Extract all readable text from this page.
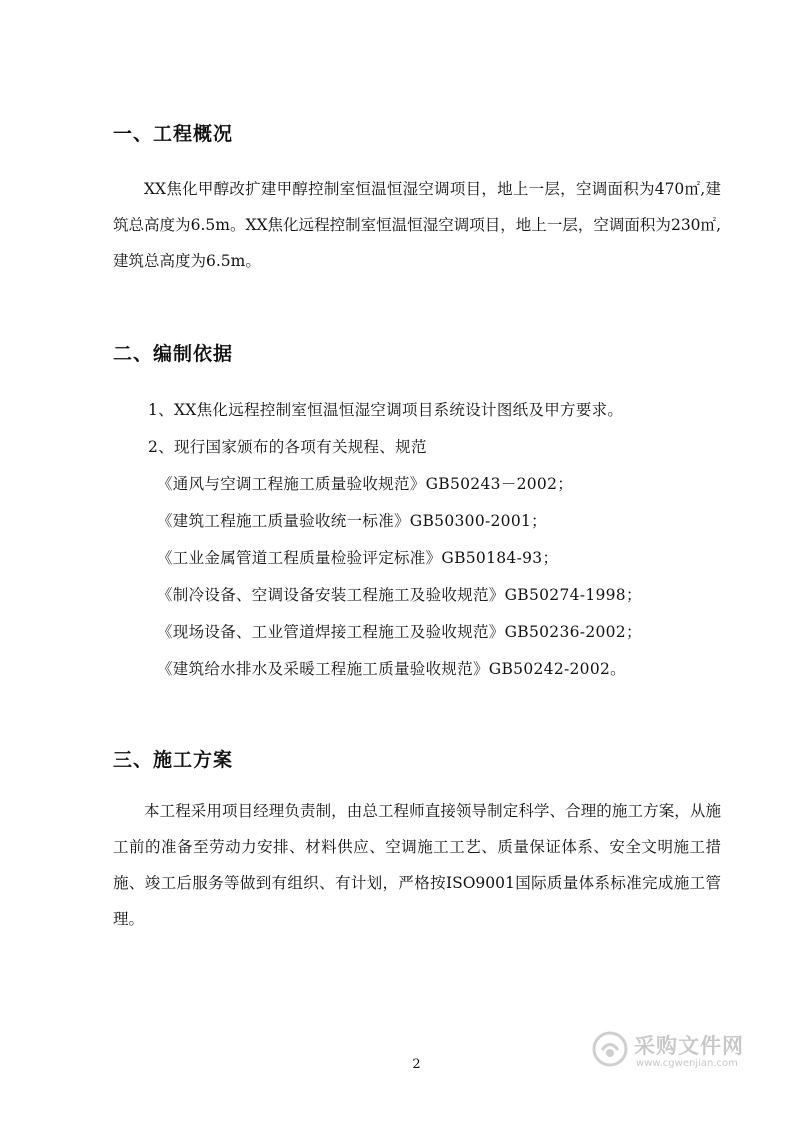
一、工程概况
XX焦化甲醇改扩建甲醇控制室恒温恒湿空调项目，地上一层，空调面积为470㎡,建筑总高度为6.5m。XX焦化远程控制室恒温恒湿空调项目，地上一层，空调面积为230㎡,建筑总高度为6.5m。
二、编制依据
1、XX焦化远程控制室恒温恒湿空调项目系统设计图纸及甲方要求。
2、现行国家颁布的各项有关规程、规范
《通风与空调工程施工质量验收规范》GB50243－2002；
《建筑工程施工质量验收统一标准》GB50300-2001；
《工业金属管道工程质量检验评定标准》GB50184-93；
《制冷设备、空调设备安装工程施工及验收规范》GB50274-1998；
《现场设备、工业管道焊接工程施工及验收规范》GB50236-2002；
《建筑给水排水及采暖工程施工质量验收规范》GB50242-2002。
三、施工方案
本工程采用项目经理负责制，由总工程师直接领导制定科学、合理的施工方案，从施工前的准备至劳动力安排、材料供应、空调施工工艺、质量保证体系、安全文明施工措施、竣工后服务等做到有组织、有计划，严格按ISO9001国际质量体系标准完成施工管理。
2
采购文件网
www.cgwenjian.com
